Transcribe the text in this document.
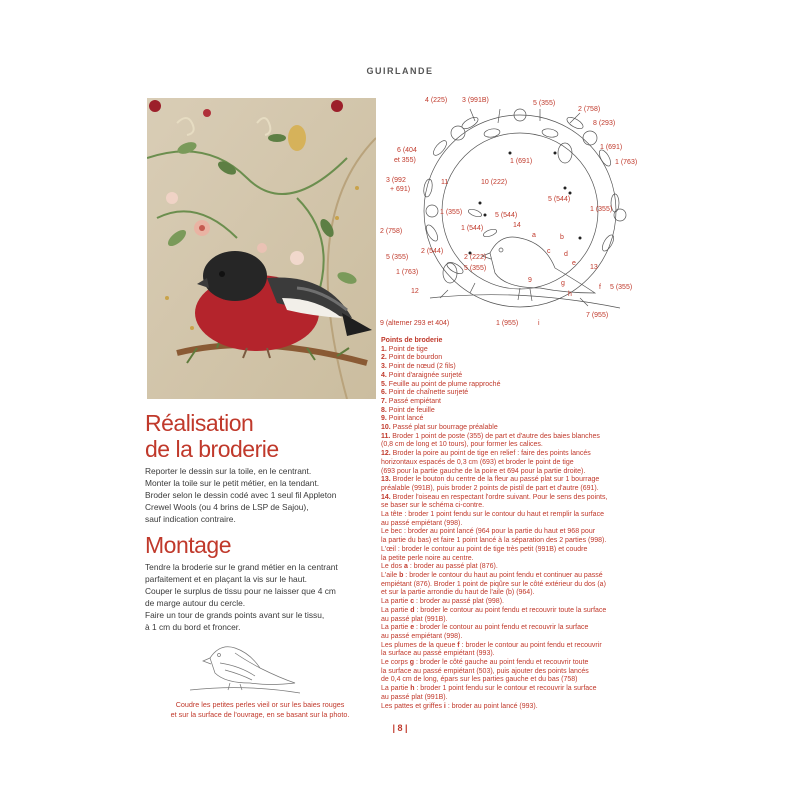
GUIRLANDE
4 (225) 3 (991B)	5 (355)
2 (758)
8 (293)
1 (691)
1 (763)
6 (404
et 355)	1 (691)
3 (992
+ 691)
11	10 (222)
1 (355)	5 (544)
5 (544)
14
1 (355)
2 (758)	1 (544)
a	b
c d
e
2 (544)
2 (222)
5 (355)
5 (355)
1 (763)
9
13
12
g
f
h
5 (355)
7 (955)
1 (955)	i
9 (alterner 293 et 404)
Réalisation
de la broderie
Reporter le dessin sur la toile, en le centrant.
Monter la toile sur le petit métier, en la tendant.
Broder selon le dessin codé avec 1 seul fil Appleton
Crewel Wools (ou 4 brins de LSP de Sajou),
sauf indication contraire.
Montage
Tendre la broderie sur le grand métier en la centrant
parfaitement et en plaçant la vis sur le haut.
Couper le surplus de tissu pour ne laisser que 4 cm
de marge autour du cercle.
Faire un tour de grands points avant sur le tissu,
à 1 cm du bord et froncer.
Coudre les petites perles vieil or sur les baies rouges
et sur la surface de l'ouvrage, en se basant sur la photo.
Points de broderie
1. Point de tige
2. Point de bourdon
3. Point de nœud (2 fils)
4. Point d'araignée surjeté
5. Feuille au point de plume rapproché
6. Point de chaînette surjeté
7. Passé empiétant
8. Point de feuille
9. Point lancé
10. Passé plat sur bourrage préalable
11. Broder 1 point de poste (355) de part et d'autre des baies blanches
(0,8 cm de long et 10 tours), pour former les calices.
12. Broder la poire au point de tige en relief : faire des points lancés
horizontaux espacés de 0,3 cm (693) et broder le point de tige
(693 pour la partie gauche de la poire et 694 pour la partie droite).
13. Broder le bouton du centre de la fleur au passé plat sur 1 bourrage
préalable (991B), puis broder 2 points de pistil de part et d'autre (691).
14. Broder l'oiseau en respectant l'ordre suivant. Pour le sens des points,
se baser sur le schéma ci-contre.
La tête : broder 1 point fendu sur le contour du haut et remplir la surface
au passé empiétant (998).
Le bec : broder au point lancé (964 pour la partie du haut et 968 pour
la partie du bas) et faire 1 point lancé à la séparation des 2 parties (998).
L'œil : broder le contour au point de tige très petit (991B) et coudre
la petite perle noire au centre.
Le dos a : broder au passé plat (876).
L'aile b : broder le contour du haut au point fendu et continuer au passé
empiétant (876). Broder 1 point de piqûre sur le côté extérieur du dos (a)
et sur la partie arrondie du haut de l'aile (b) (964).
La partie c : broder au passé plat (998).
La partie d : broder le contour au point fendu et recouvrir toute la surface
au passé plat (991B).
La partie e : broder le contour au point fendu et recouvrir la surface
au passé empiétant (998).
Les plumes de la queue f : broder le contour au point fendu et recouvrir
la surface au passé empiétant (993).
Le corps g : broder le côté gauche au point fendu et recouvrir toute
la surface au passé empiétant (503), puis ajouter des points lancés
de 0,4 cm de long, épars sur les parties gauche et du bas (758)
La partie h : broder 1 point fendu sur le contour et recouvrir la surface
au passé plat (991B).
Les pattes et griffes i : broder au point lancé (993).
| 8 |
